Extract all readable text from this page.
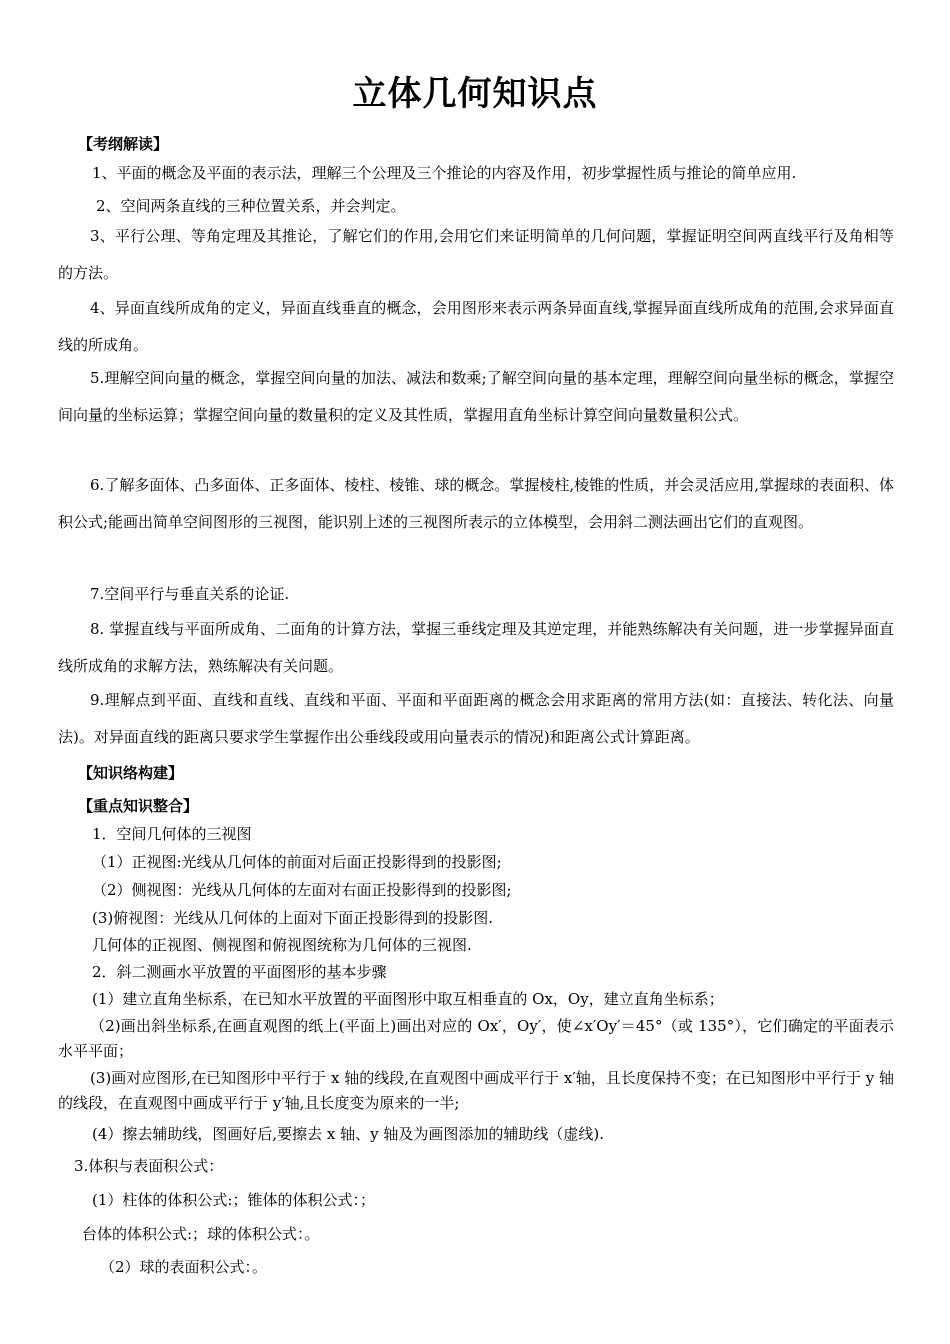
立体几何知识点
【考纲解读】
1、平面的概念及平面的表示法，理解三个公理及三个推论的内容及作用，初步掌握性质与推论的简单应用.
2、空间两条直线的三种位置关系，并会判定。
3、平行公理、等角定理及其推论，了解它们的作用,会用它们来证明简单的几何问题，掌握证明空间两直线平行及角相等的方法。
4、异面直线所成角的定义，异面直线垂直的概念，会用图形来表示两条异面直线,掌握异面直线所成角的范围,会求异面直线的所成角。
5.理解空间向量的概念，掌握空间向量的加法、减法和数乘;了解空间向量的基本定理，理解空间向量坐标的概念，掌握空间向量的坐标运算；掌握空间向量的数量积的定义及其性质，掌握用直角坐标计算空间向量数量积公式。
6.了解多面体、凸多面体、正多面体、棱柱、棱锥、球的概念。掌握棱柱,棱锥的性质，并会灵活应用,掌握球的表面积、体积公式;能画出简单空间图形的三视图，能识别上述的三视图所表示的立体模型，会用斜二测法画出它们的直观图。
7.空间平行与垂直关系的论证.
8. 掌握直线与平面所成角、二面角的计算方法，掌握三垂线定理及其逆定理，并能熟练解决有关问题，进一步掌握异面直线所成角的求解方法，熟练解决有关问题。
9.理解点到平面、直线和直线、直线和平面、平面和平面距离的概念会用求距离的常用方法(如：直接法、转化法、向量法)。对异面直线的距离只要求学生掌握作出公垂线段或用向量表示的情况)和距离公式计算距离。
【知识络构建】
【重点知识整合】
1．空间几何体的三视图
（1）正视图:光线从几何体的前面对后面正投影得到的投影图;
（2）侧视图：光线从几何体的左面对右面正投影得到的投影图;
(3)俯视图：光线从几何体的上面对下面正投影得到的投影图.
几何体的正视图、侧视图和俯视图统称为几何体的三视图.
2．斜二测画水平放置的平面图形的基本步骤
(1）建立直角坐标系，在已知水平放置的平面图形中取互相垂直的 Ox，Oy，建立直角坐标系；
（2)画出斜坐标系,在画直观图的纸上(平面上)画出对应的 Ox′，Oy′，使∠x′Oy′＝45°（或 135°），它们确定的平面表示水平平面；
(3)画对应图形,在已知图形中平行于 x 轴的线段,在直观图中画成平行于 x′轴，且长度保持不变；在已知图形中平行于 y 轴的线段，在直观图中画成平行于 y′轴,且长度变为原来的一半;
(4）擦去辅助线，图画好后,要擦去 x 轴、y 轴及为画图添加的辅助线（虚线).
3.体积与表面积公式：
(1）柱体的体积公式:；锥体的体积公式：；
台体的体积公式:；球的体积公式：。
（2）球的表面积公式：。
